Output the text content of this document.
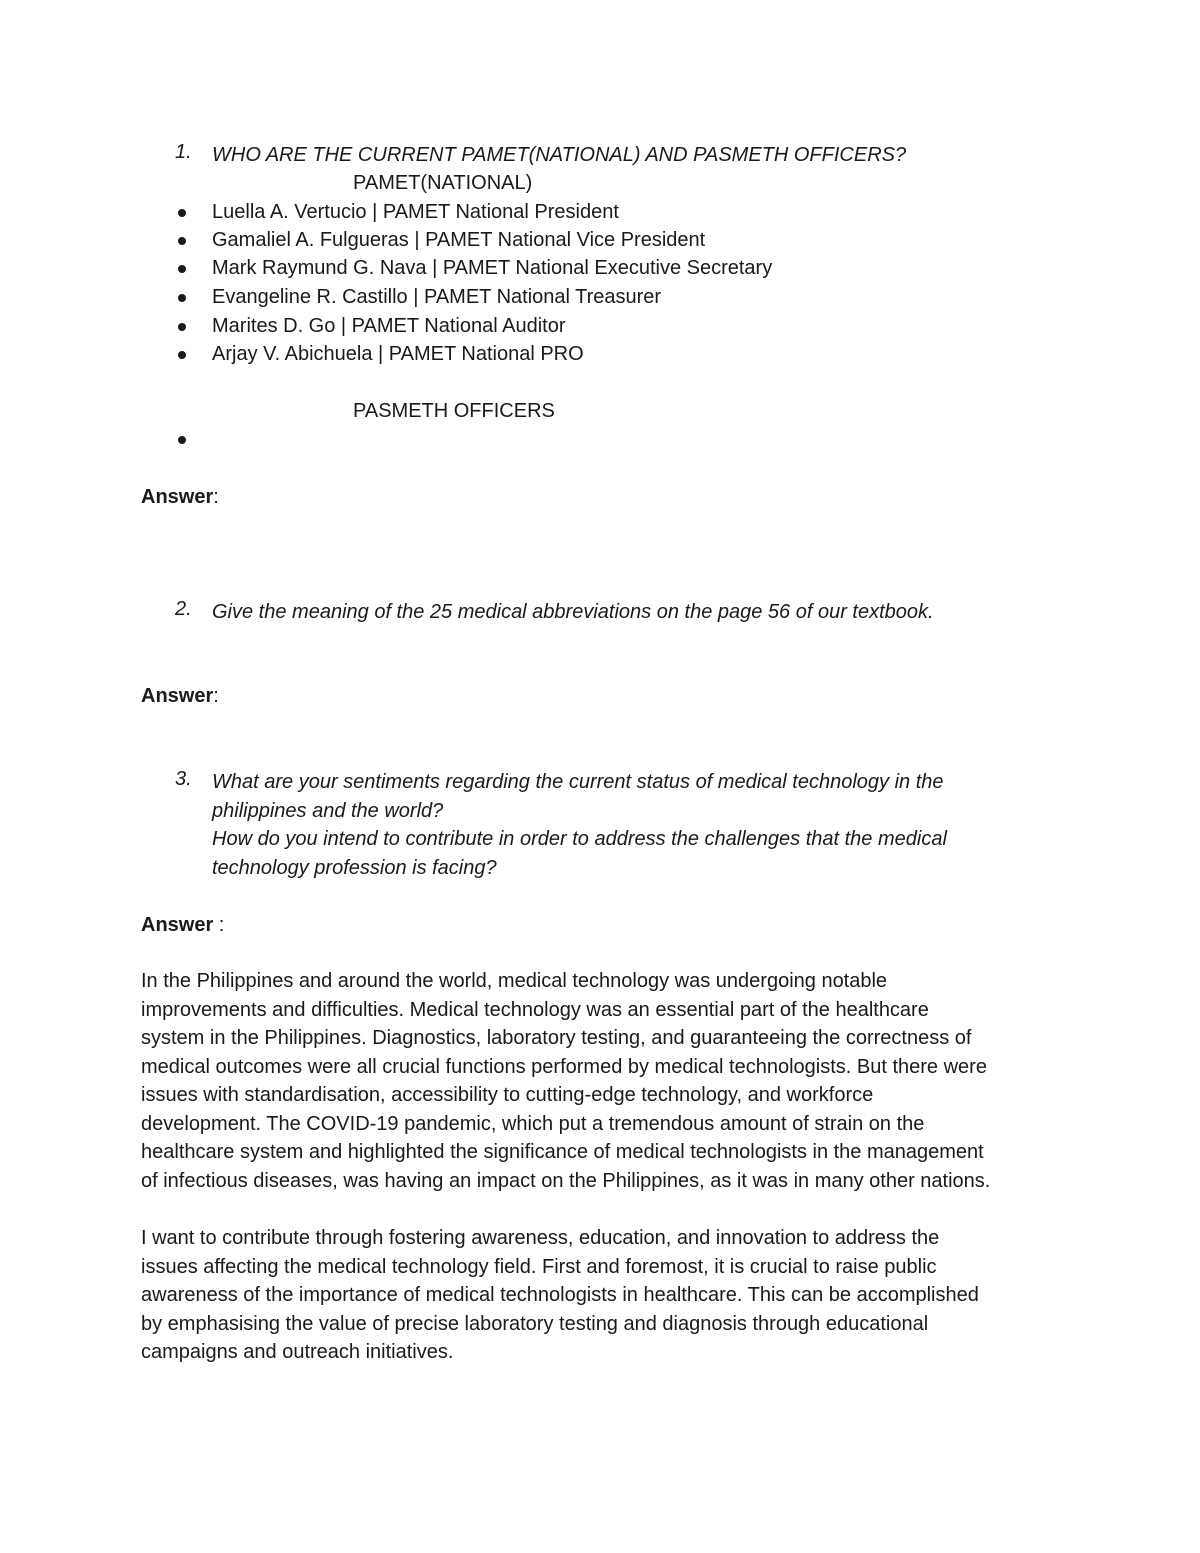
1. WHO ARE THE CURRENT PAMET(NATIONAL) AND PASMETH OFFICERS?
PAMET(NATIONAL)
Luella A. Vertucio | PAMET National President
Gamaliel A. Fulgueras | PAMET National Vice President
Mark Raymund G. Nava | PAMET National Executive Secretary
Evangeline R. Castillo | PAMET National Treasurer
Marites D. Go | PAMET National Auditor
Arjay V. Abichuela | PAMET National PRO
PASMETH OFFICERS
Answer:
2. Give the meaning of the 25 medical abbreviations on the page 56 of our textbook.
Answer:
3. What are your sentiments regarding the current status of medical technology in the
philippines and the world?
How do you intend to contribute in order to address the challenges that the medical
technology profession is facing?
Answer :
In the Philippines and around the world, medical technology was undergoing notable
improvements and difficulties. Medical technology was an essential part of the healthcare
system in the Philippines. Diagnostics, laboratory testing, and guaranteeing the correctness of
medical outcomes were all crucial functions performed by medical technologists. But there were
issues with standardisation, accessibility to cutting-edge technology, and workforce
development. The COVID-19 pandemic, which put a tremendous amount of strain on the
healthcare system and highlighted the significance of medical technologists in the management
of infectious diseases, was having an impact on the Philippines, as it was in many other nations.
I want to contribute through fostering awareness, education, and innovation to address the
issues affecting the medical technology field. First and foremost, it is crucial to raise public
awareness of the importance of medical technologists in healthcare. This can be accomplished
by emphasising the value of precise laboratory testing and diagnosis through educational
campaigns and outreach initiatives.
